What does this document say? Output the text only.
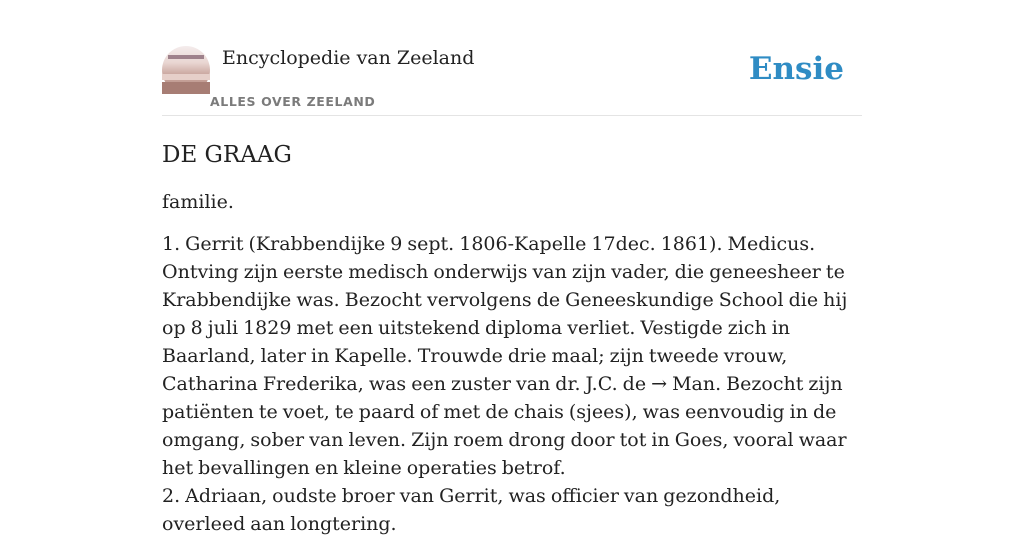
Encyclopedie van Zeeland
ALLES OVER ZEELAND
Ensie
DE GRAAG

familie.

1. Gerrit (Krabbendijke 9 sept. 1806-Kapelle 17dec. 1861). Medicus. Ontving zijn eerste medisch onderwijs van zijn vader, die geneesheer te Krabbendijke was. Bezocht vervolgens de Geneeskundige School die hij op 8 juli 1829 met een uitstekend diploma verliet. Vestigde zich in Baarland, later in Kapelle. Trouwde drie maal; zijn tweede vrouw, Catharina Frederika, was een zuster van dr. J.C. de → Man. Bezocht zijn patiënten te voet, te paard of met de chais (sjees), was eenvoudig in de omgang, sober van leven. Zijn roem drong door tot in Goes, vooral waar het bevallingen en kleine operaties betrof.
2. Adriaan, oudste broer van Gerrit, was officier van gezondheid, overleed aan longtering.
